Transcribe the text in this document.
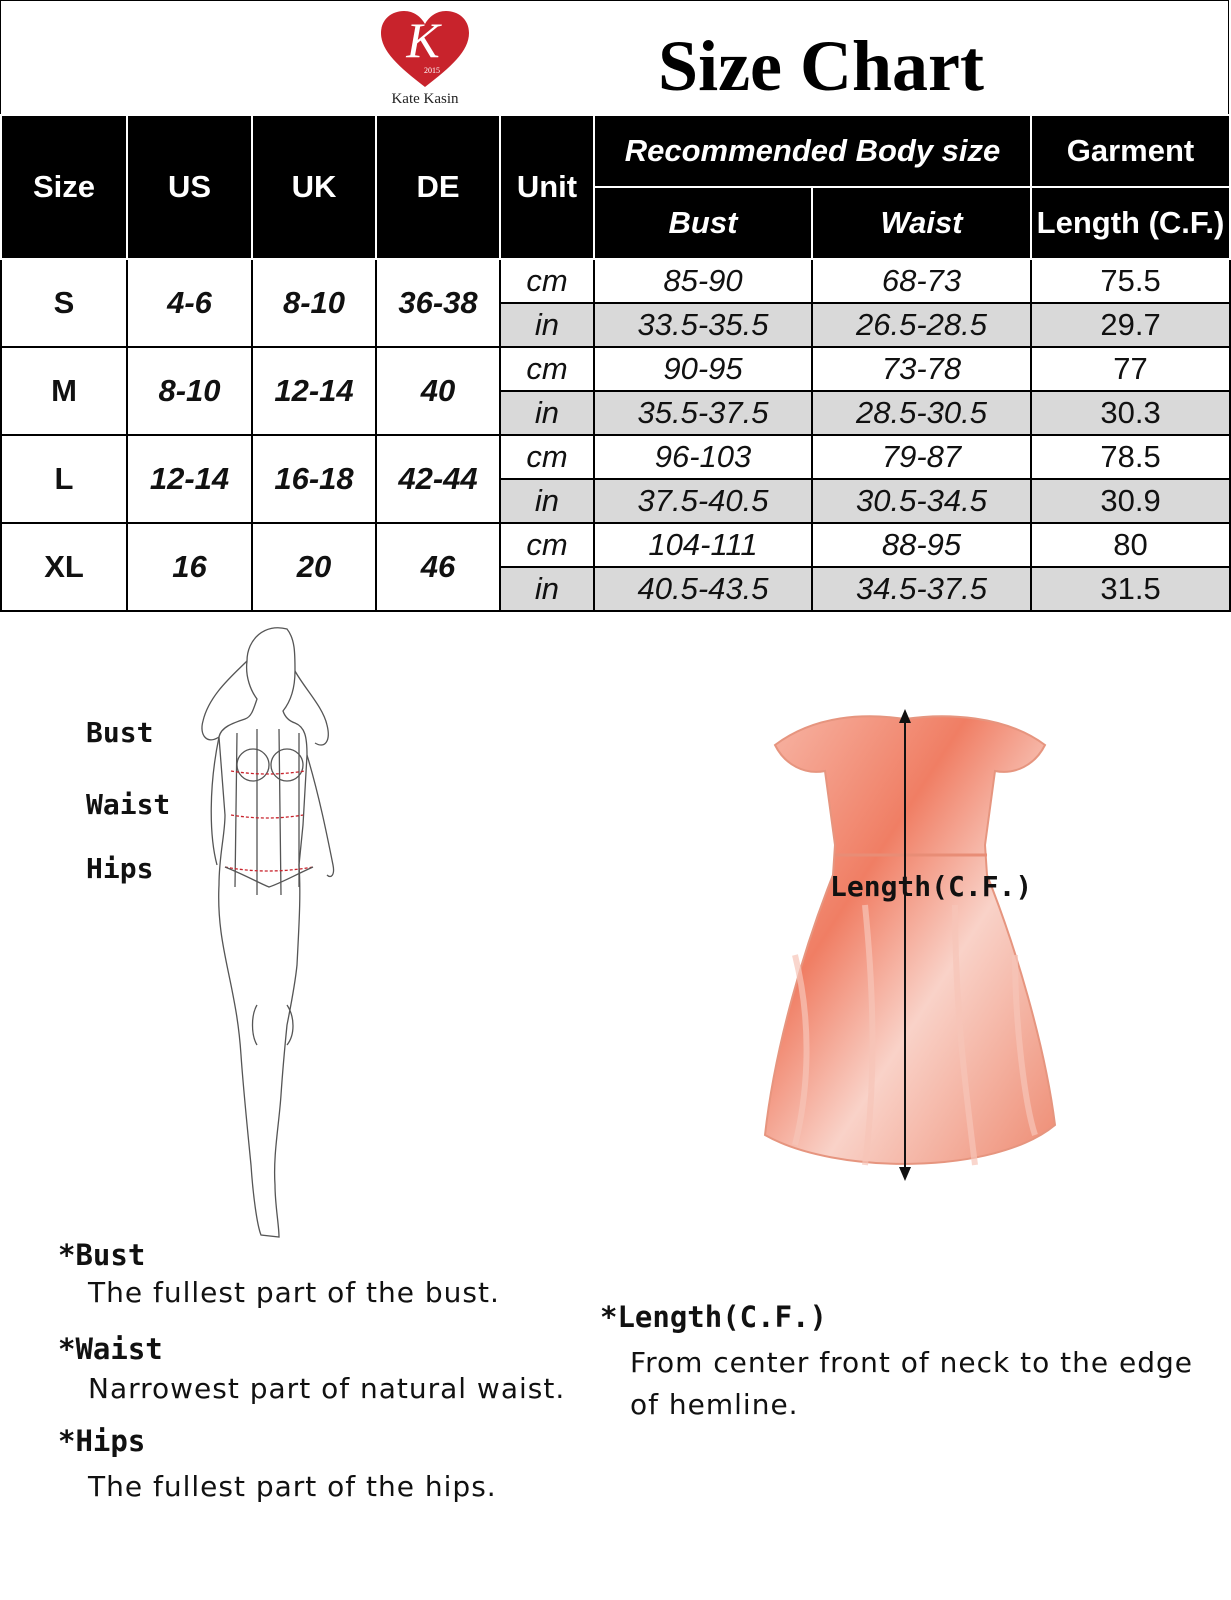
K
2015
Kate Kasin	Size Chart
Size	US	UK	DE	Unit	Recommended Body size		Garment
					Bust	Waist	Length (C.F.)
S	4-6	8-10	36-38	cm	85-90	68-73	75.5
				in	33.5-35.5	26.5-28.5	29.7
M	8-10	12-14	40	cm	90-95	73-78	77
				in	35.5-37.5	28.5-30.5	30.3
L	12-14	16-18	42-44	cm	96-103	79-87	78.5
				in	37.5-40.5	30.5-34.5	30.9
XL	16	20	46	cm	104-111	88-95	80
				in	40.5-43.5	34.5-37.5	31.5
Bust
Waist
Hips
Length(C.F.)
*Bust
The fullest part of the bust.
*Waist
Narrowest part of natural waist.
*Hips
The fullest part of the hips.
*Length(C.F.)
From center front of neck to the edge of hemline.
